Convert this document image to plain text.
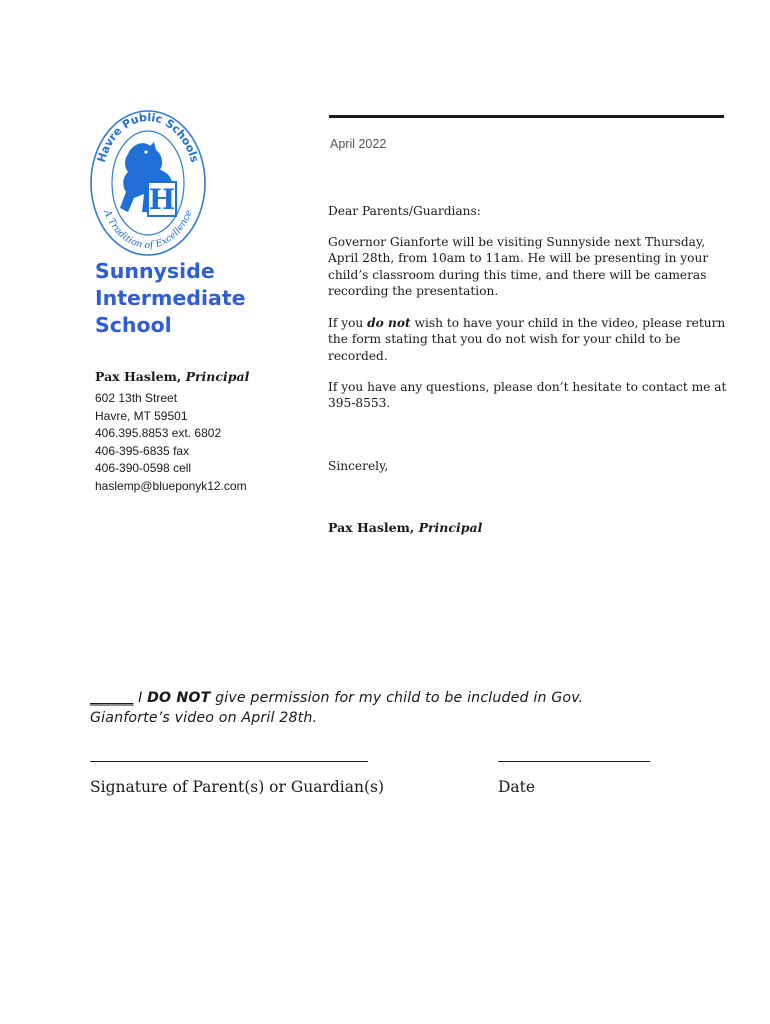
Havre Public Schools
A Tradition of Excellence
H
Sunnyside
Intermediate
School
Pax Haslem, Principal
602 13th Street
Havre, MT 59501
406.395.8853 ext. 6802
406-395-6835 fax
406-390-0598 cell
haslemp@blueponyk12.com
April 2022
Dear Parents/Guardians:
Governor Gianforte will be visiting Sunnyside next Thursday, April 28th, from 10am to 11am. He will be presenting in your child’s classroom during this time, and there will be cameras recording the presentation.
If you do not wish to have your child in the video, please return the form stating that you do not wish for your child to be recorded.
If you have any questions, please don’t hesitate to contact me at 395-8553.
Sincerely,
Pax Haslem, Principal
______ I DO NOT give permission for my child to be included in Gov. Gianforte’s video on April 28th.
Signature of Parent(s) or Guardian(s)	Date
